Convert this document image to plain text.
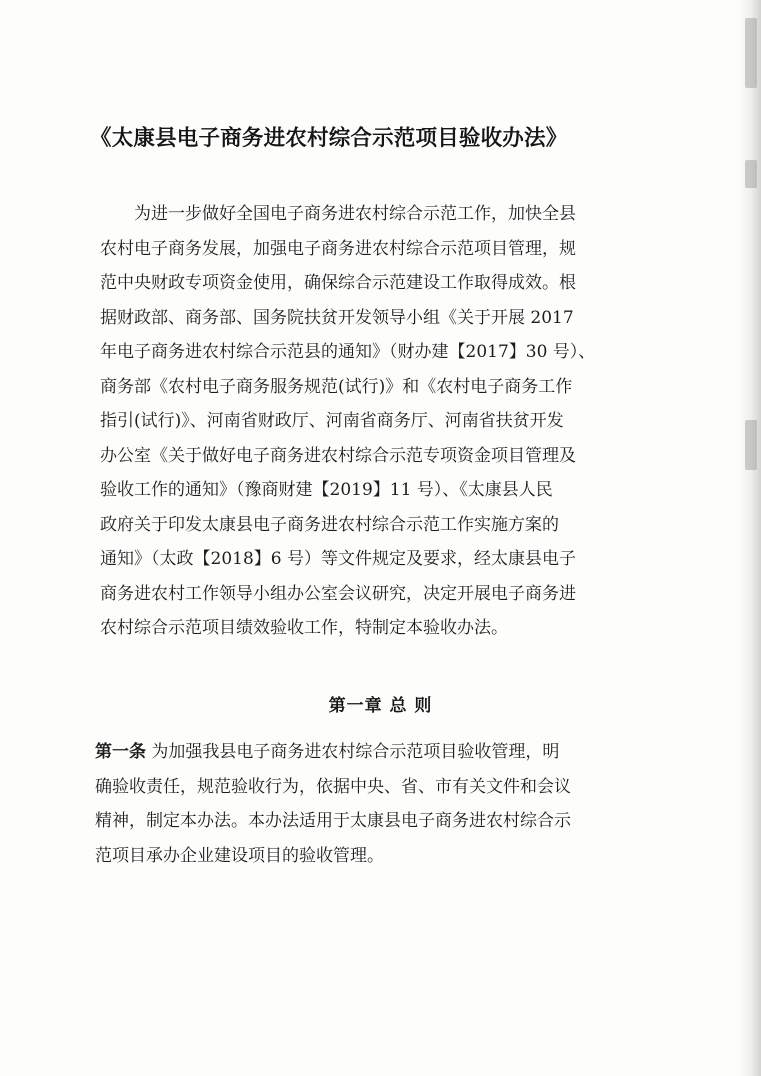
《太康县电子商务进农村综合示范项目验收办法》
为进一步做好全国电子商务进农村综合示范工作，加快全县
农村电子商务发展，加强电子商务进农村综合示范项目管理，规
范中央财政专项资金使用，确保综合示范建设工作取得成效。根
据财政部、商务部、国务院扶贫开发领导小组《关于开展 2017
年电子商务进农村综合示范县的通知》（财办建【2017】30 号）、
商务部《农村电子商务服务规范(试行)》和《农村电子商务工作
指引(试行)》、河南省财政厅、河南省商务厅、河南省扶贫开发
办公室《关于做好电子商务进农村综合示范专项资金项目管理及
验收工作的通知》（豫商财建【2019】11 号）、《太康县人民
政府关于印发太康县电子商务进农村综合示范工作实施方案的
通知》（太政【2018】6 号）等文件规定及要求，经太康县电子
商务进农村工作领导小组办公室会议研究，决定开展电子商务进
农村综合示范项目绩效验收工作，特制定本验收办法。
第一章 总 则
第一条 为加强我县电子商务进农村综合示范项目验收管理，明
确验收责任，规范验收行为，依据中央、省、市有关文件和会议
精神，制定本办法。本办法适用于太康县电子商务进农村综合示
范项目承办企业建设项目的验收管理。
